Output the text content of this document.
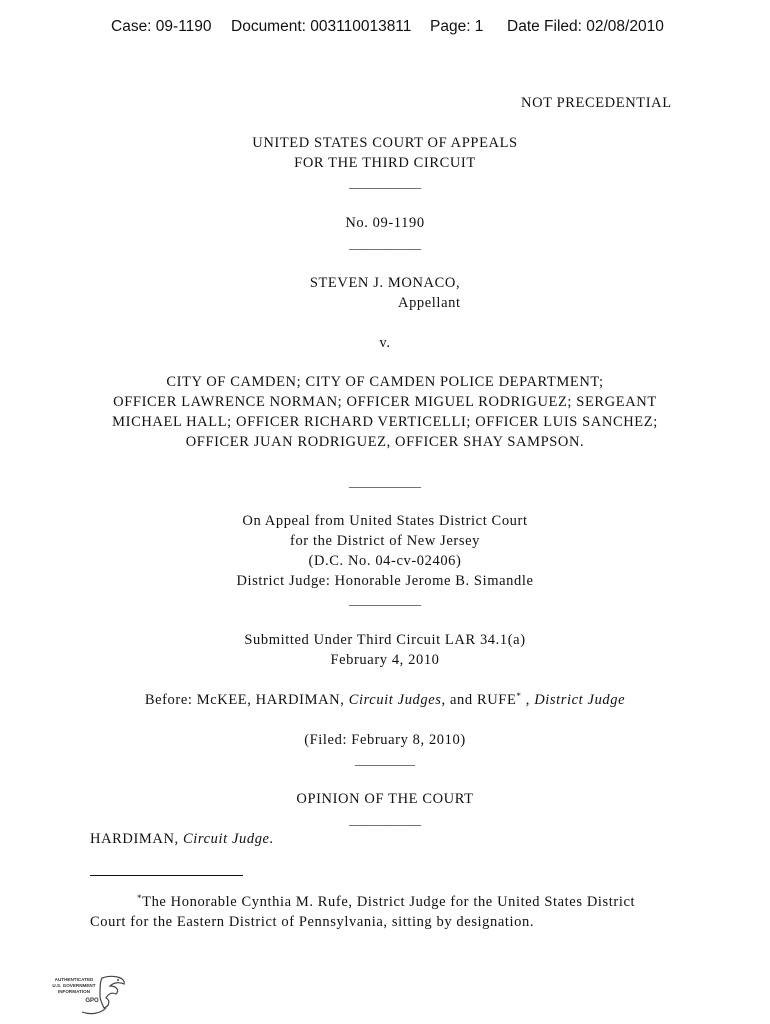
Case: 09-1190 Document: 003110013811 Page: 1 Date Filed: 02/08/2010
NOT PRECEDENTIAL
UNITED STATES COURT OF APPEALS
FOR THE THIRD CIRCUIT
____________
No. 09-1190
____________
STEVEN J. MONACO,
Appellant
v.
CITY OF CAMDEN; CITY OF CAMDEN POLICE DEPARTMENT;
OFFICER LAWRENCE NORMAN; OFFICER MIGUEL RODRIGUEZ; SERGEANT
MICHAEL HALL; OFFICER RICHARD VERTICELLI; OFFICER LUIS SANCHEZ;
OFFICER JUAN RODRIGUEZ, OFFICER SHAY SAMPSON.
____________
On Appeal from United States District Court
for the District of New Jersey
(D.C. No. 04-cv-02406)
District Judge: Honorable Jerome B. Simandle
____________
Submitted Under Third Circuit LAR 34.1(a)
February 4, 2010
Before: McKEE, HARDIMAN, Circuit Judges, and RUFE* , District Judge
(Filed: February 8, 2010)
__________
OPINION OF THE COURT
____________
HARDIMAN, Circuit Judge.
*The Honorable Cynthia M. Rufe, District Judge for the United States District
Court for the Eastern District of Pennsylvania, sitting by designation.
AUTHENTICATED
U.S. GOVERNMENT
INFORMATION
GPO
